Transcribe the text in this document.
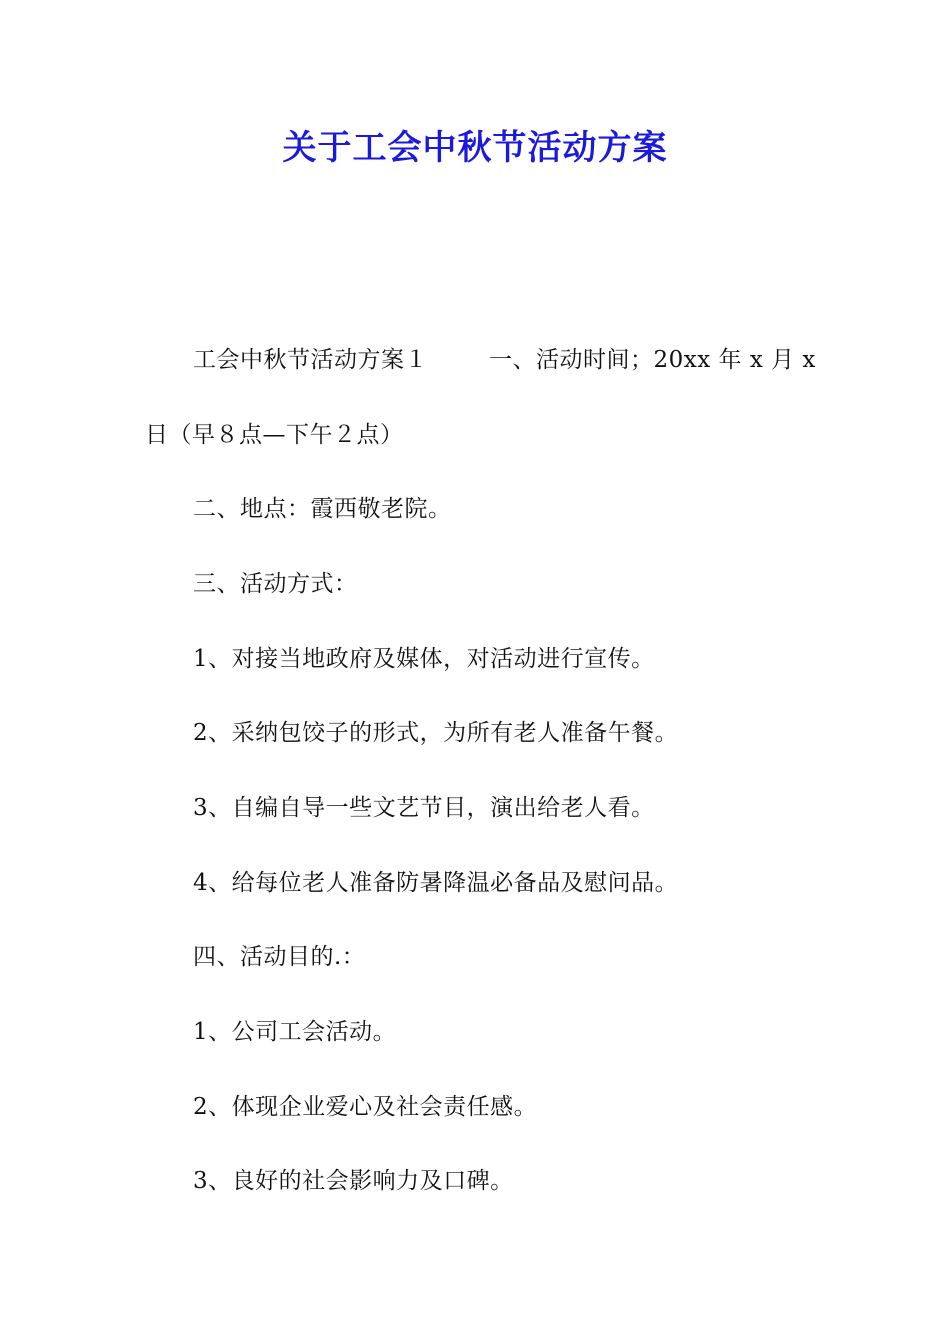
关于工会中秋节活动方案
工会中秋节活动方案１	一、活动时间；20xx 年 x 月 x
日（早８点—下午２点）
二、地点：霞西敬老院。
三、活动方式：
1、对接当地政府及媒体，对活动进行宣传。
2、采纳包饺子的形式，为所有老人准备午餐。
3、自编自导一些文艺节目，演出给老人看。
4、给每位老人准备防暑降温必备品及慰问品。
四、活动目的.：
1、公司工会活动。
2、体现企业爱心及社会责任感。
3、良好的社会影响力及口碑。
